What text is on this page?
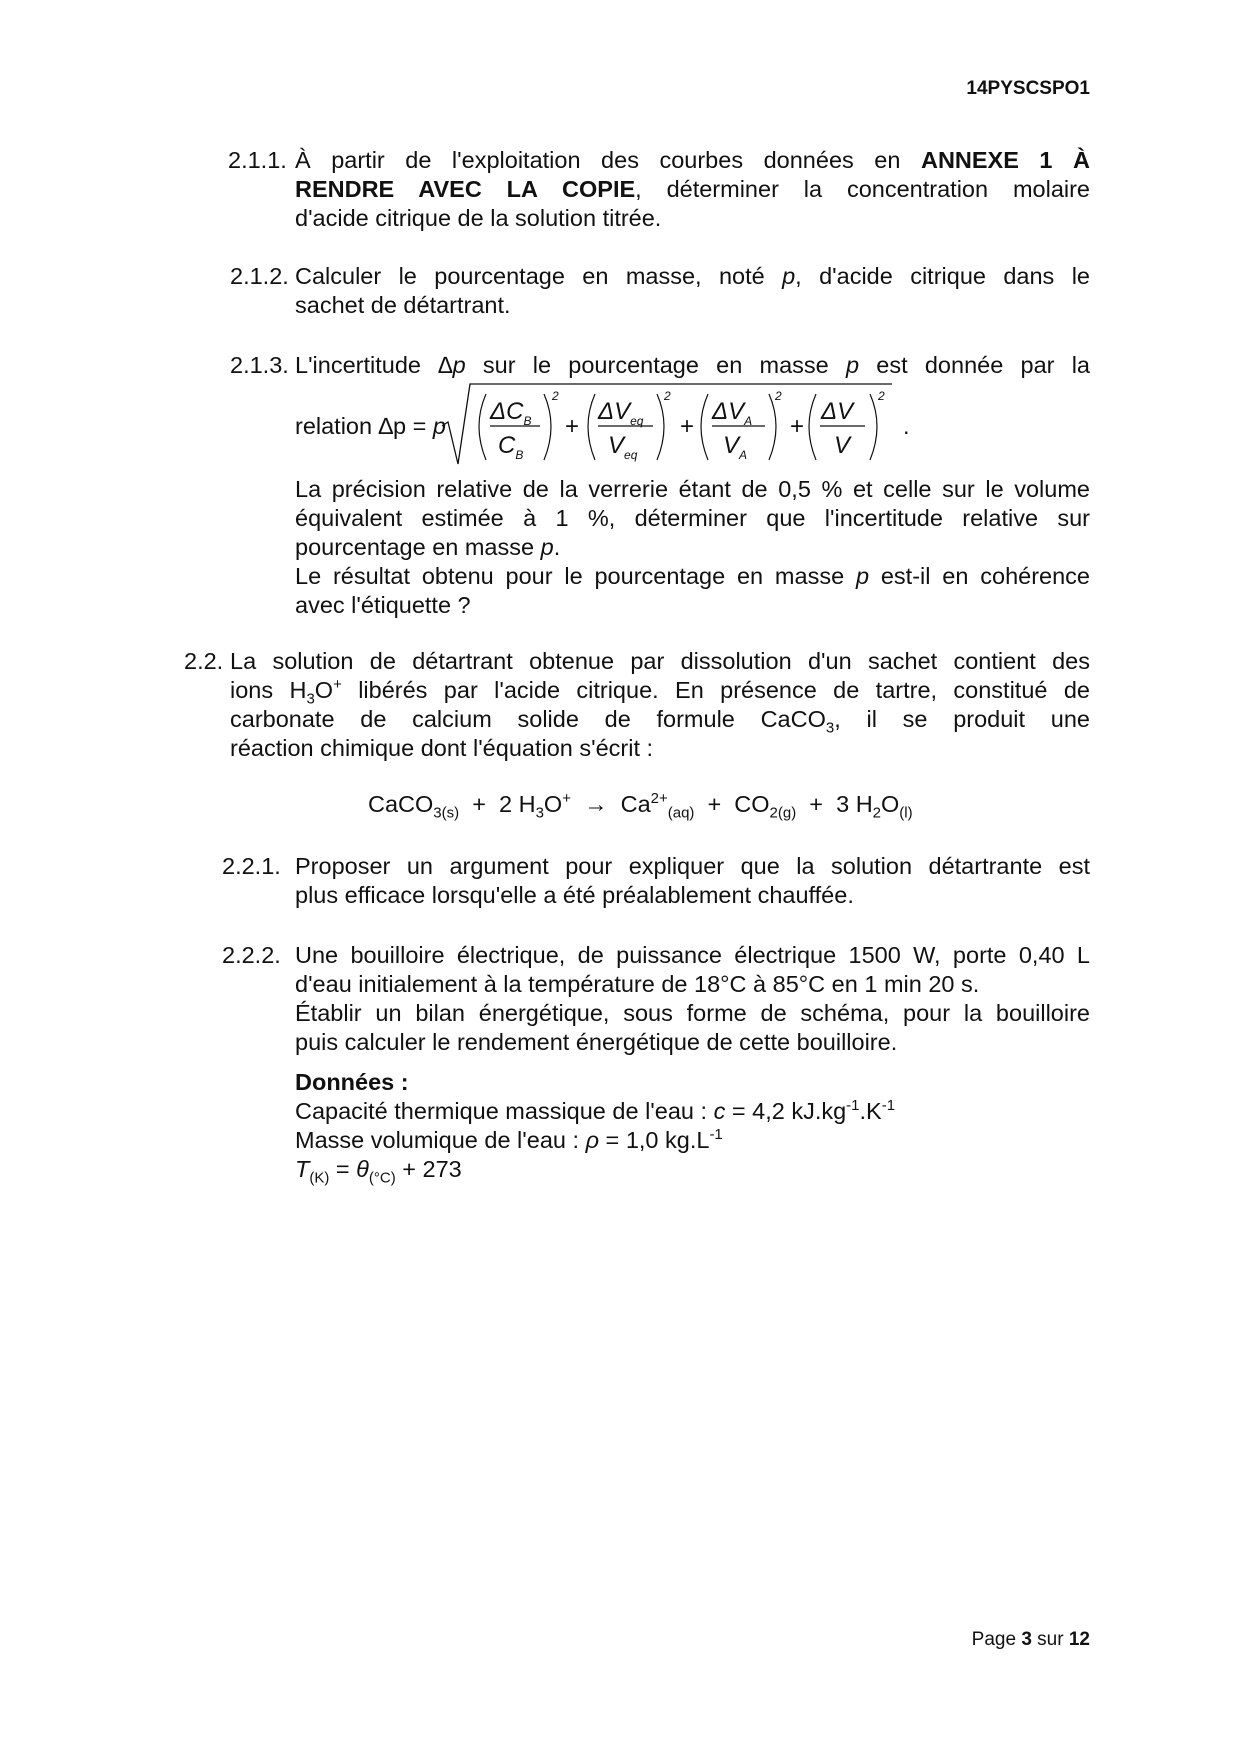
14PYSCSPO1
2.1.1. À partir de l'exploitation des courbes données en ANNEXE 1 À
RENDRE AVEC LA COPIE, déterminer la concentration molaire
d'acide citrique de la solution titrée.
2.1.2. Calculer le pourcentage en masse, noté p, d'acide citrique dans le
sachet de détartrant.
2.1.3. L'incertitude ∆p sur le pourcentage en masse p est donnée par la
relation ∆p = p
$\Delta C_B$
$C_B$
2
+
$\Delta V_{eq}$
$V_{eq}$
2
+
$\Delta V_A$
$V_A$
2
+
ΔV
V
2
.
La précision relative de la verrerie étant de 0,5 % et celle sur le volume
équivalent estimée à 1 %, déterminer que l'incertitude relative sur
pourcentage en masse p.
Le résultat obtenu pour le pourcentage en masse p est-il en cohérence
avec l'étiquette ?
2.2. La solution de détartrant obtenue par dissolution d'un sachet contient des
ions $H_3O^+$ libérés par l'acide citrique. En présence de tartre, constitué de
carbonate de calcium solide de formule CaCO$_3$, il se produit une
réaction chimique dont l'équation s'écrit :
CaCO$_{3(s)}$ + 2 $H_3O^+ \to Ca^{2+}_{(aq)} + CO_{2(g)} + 3$ $H_2O_{(l)}$
2.2.1. Proposer un argument pour expliquer que la solution détartrante est
plus efficace lorsqu'elle a été préalablement chauffée.
2.2.2. Une bouilloire électrique, de puissance électrique 1500 W, porte 0,40 L
d'eau initialement à la température de 18°C à 85°C en 1 min 20 s.
Établir un bilan énergétique, sous forme de schéma, pour la bouilloire
puis calculer le rendement énergétique de cette bouilloire.
Données :
Capacité thermique massique de l'eau : c = 4,2 $kJ.kg^{-1}.K^{-1}$
Masse volumique de l'eau : ρ = 1,0 $kg.L^{-1}$
$T_{(K)} = \theta_{(^\circ C)} + 273$
Page 3 sur 12
